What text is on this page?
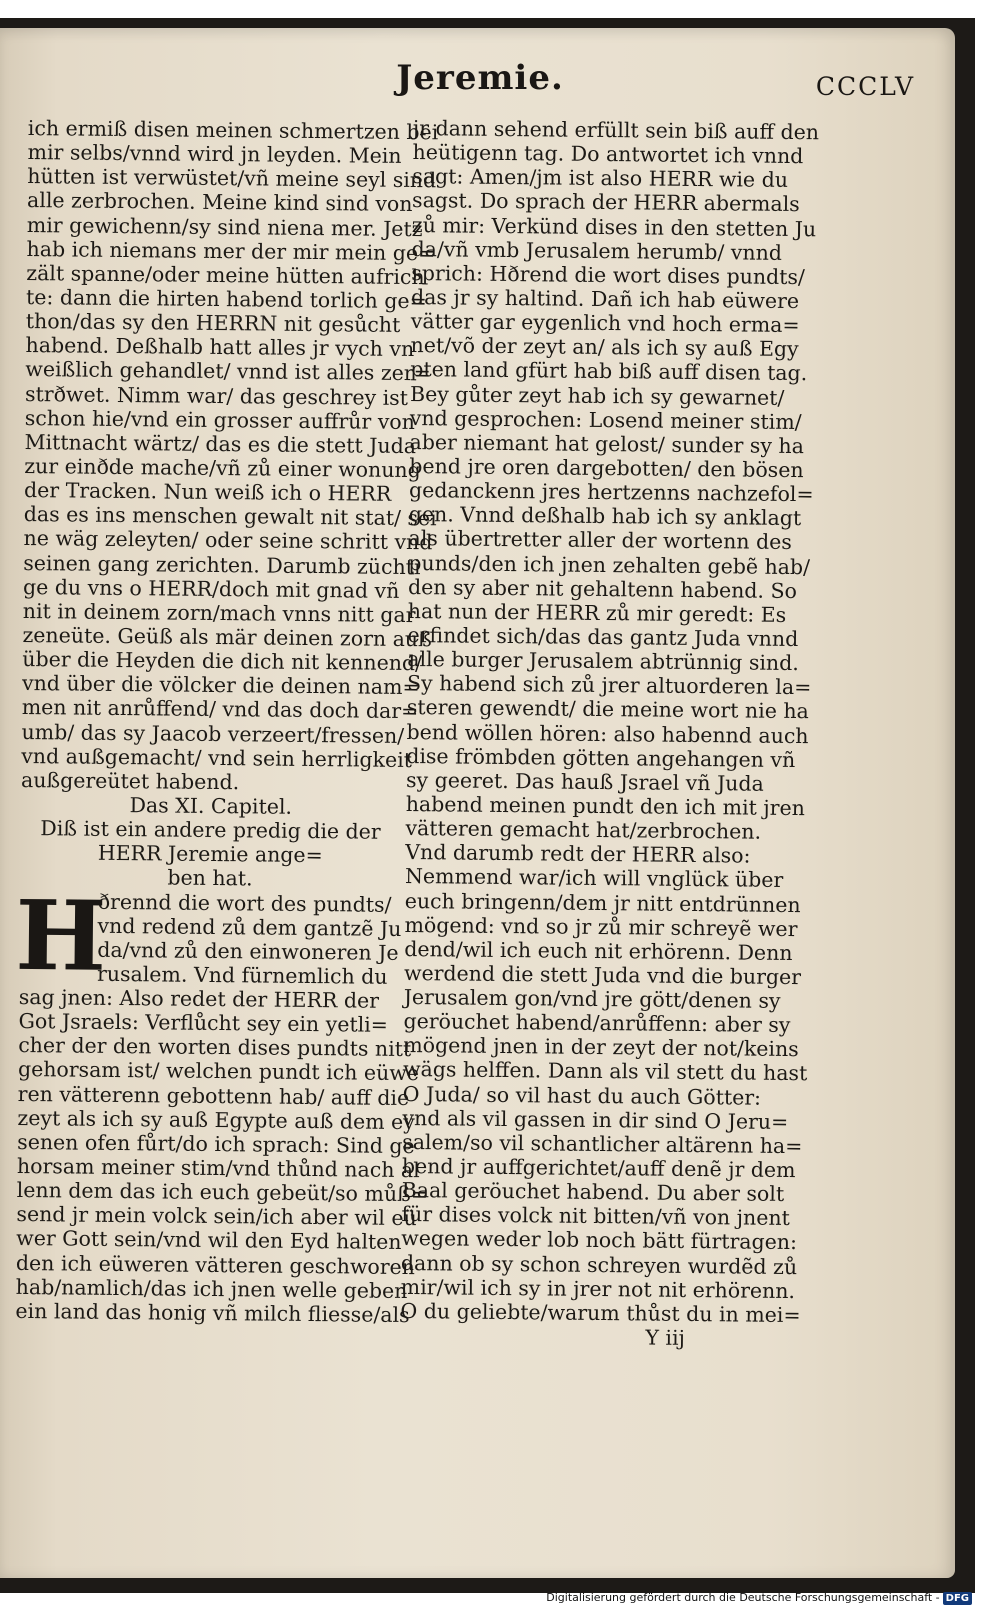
Jeremie.	CCCLV
ich ermiß disen meinen schmertzen bei
mir selbs/vnnd wird jn leyden. Mein
hütten ist verwüstet/vñ meine seyl sind
alle zerbrochen. Meine kind sind von
mir gewichenn/sy sind niena mer. Jetz
hab ich niemans mer der mir mein ge=
zält spanne/oder meine hütten aufrich
te: dann die hirten habend torlich ge=
thon/das sy den HERRN nit gesůcht
habend. Deßhalb hatt alles jr vych vn
weißlich gehandlet/ vnnd ist alles zer=
strðwet. Nimm war/ das geschrey ist
schon hie/vnd ein grosser auffrůr von
Mittnacht wärtz/ das es die stett Juda
zur einðde mache/vñ zů einer wonung
der Tracken. Nun weiß ich o HERR
das es ins menschen gewalt nit stat/ sei
ne wäg zeleyten/ oder seine schritt vnd
seinen gang zerichten. Darumb züchti
ge du vns o HERR/doch mit gnad vñ
nit in deinem zorn/mach vnns nitt gar
zeneüte. Geüß als mär deinen zorn auß
über die Heyden die dich nit kennend/
vnd über die völcker die deinen nam=
men nit anrůffend/ vnd das doch dar=
umb/ das sy Jaacob verzeert/fressen/
vnd außgemacht/ vnd sein herrligkeit
außgereütet habend.
Das XI. Capitel.
Diß ist ein andere predig die der
HERR Jeremie ange=
ben hat.
ðrennd die wort des pundts/
vnd redend zů dem gantzẽ Ju
da/vnd zů den einwoneren Je
rusalem. Vnd fürnemlich du
sag jnen: Also redet der HERR der
Got Jsraels: Verflůcht sey ein yetli=
cher der den worten dises pundts nitt
gehorsam ist/ welchen pundt ich eüwe
ren vätterenn gebottenn hab/ auff die
zeyt als ich sy auß Egypte auß dem ey
senen ofen fůrt/do ich sprach: Sind ge
horsam meiner stim/vnd thůnd nach al
lenn dem das ich euch gebeüt/so můß=
send jr mein volck sein/ich aber wil eü
wer Gott sein/vnd wil den Eyd halten
den ich eüweren vätteren geschworen
hab/namlich/das ich jnen welle geben
ein land das honig vñ milch fliesse/als
H
jr dann sehend erfüllt sein biß auff den
heütigenn tag. Do antwortet ich vnnd
sagt: Amen/jm ist also HERR wie du
sagst. Do sprach der HERR abermals
zů mir: Verkünd dises in den stetten Ju
da/vñ vmb Jerusalem herumb/ vnnd
sprich: Hðrend die wort dises pundts/
das jr sy haltind. Dañ ich hab eüwere
vätter gar eygenlich vnd hoch erma=
net/võ der zeyt an/ als ich sy auß Egy
pten land gfürt hab biß auff disen tag.
Bey gůter zeyt hab ich sy gewarnet/
vnd gesprochen: Losend meiner stim/
aber niemant hat gelost/ sunder sy ha
bend jre oren dargebotten/ den bösen
gedanckenn jres hertzenns nachzefol=
gen. Vnnd deßhalb hab ich sy anklagt
als übertretter aller der wortenn des
punds/den ich jnen zehalten gebẽ hab/
den sy aber nit gehaltenn habend. So
hat nun der HERR zů mir geredt: Es
erfindet sich/das das gantz Juda vnnd
alle burger Jerusalem abtrünnig sind.
Sy habend sich zů jrer altuorderen la=
steren gewendt/ die meine wort nie ha
bend wöllen hören: also habennd auch
dise frömbden götten angehangen vñ
sy geeret. Das hauß Jsrael vñ Juda
habend meinen pundt den ich mit jren
vätteren gemacht hat/zerbrochen.
Vnd darumb redt der HERR also:
Nemmend war/ich will vnglück über
euch bringenn/dem jr nitt entdrünnen
mögend: vnd so jr zů mir schreyẽ wer
dend/wil ich euch nit erhörenn. Denn
werdend die stett Juda vnd die burger
Jerusalem gon/vnd jre gött/denen sy
geröuchet habend/anrůffenn: aber sy
mögend jnen in der zeyt der not/keins
wägs helffen. Dann als vil stett du hast
O Juda/ so vil hast du auch Götter:
vnd als vil gassen in dir sind O Jeru=
salem/so vil schantlicher altärenn ha=
bend jr auffgerichtet/auff denẽ jr dem
Baal geröuchet habend. Du aber solt
für dises volck nit bitten/vñ von jnent
wegen weder lob noch bätt fürtragen:
dann ob sy schon schreyen wurdẽd zů
mir/wil ich sy in jrer not nit erhörenn.
O du geliebte/warum thůst du in mei=
Y iij
Digitalisierung gefördert durch die Deutsche Forschungsgemeinschaft - DFG
